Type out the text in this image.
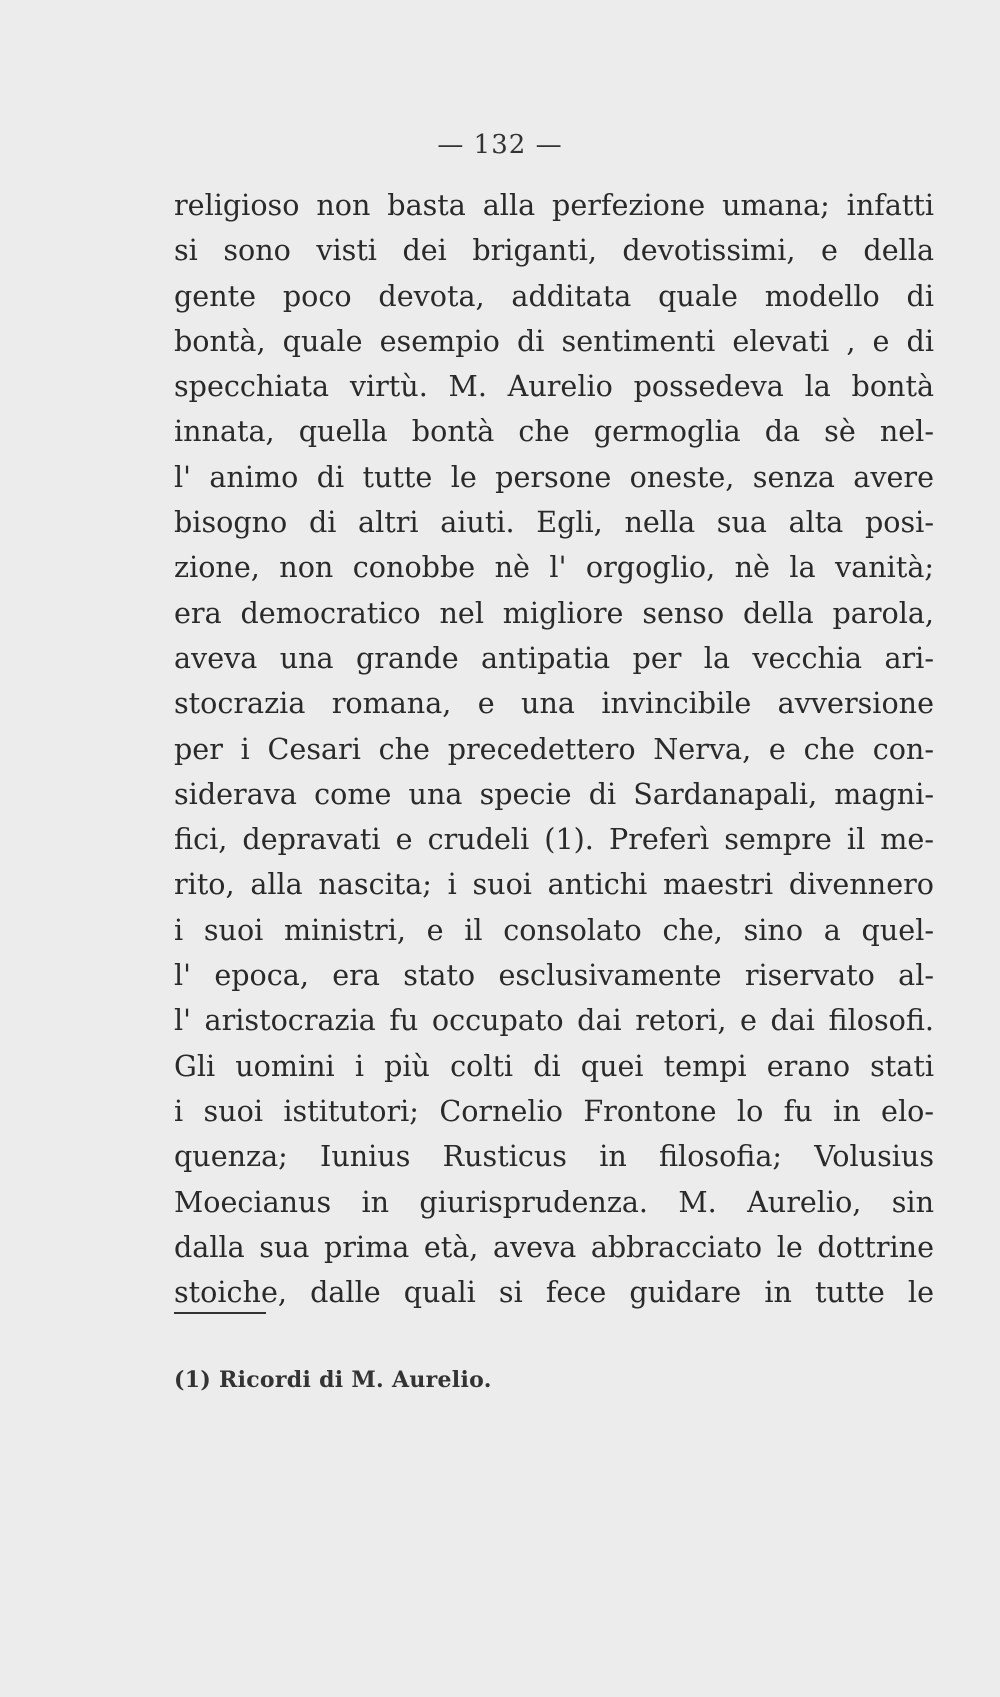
— 132 —
religioso non basta alla perfezione umana; infatti
si sono visti dei briganti, devotissimi, e della
gente poco devota, additata quale modello di
bontà, quale esempio di sentimenti elevati , e di
specchiata virtù. M. Aurelio possedeva la bontà
innata, quella bontà che germoglia da sè nel-
l' animo di tutte le persone oneste, senza avere
bisogno di altri aiuti. Egli, nella sua alta posi-
zione, non conobbe nè l' orgoglio, nè la vanità;
era democratico nel migliore senso della parola,
aveva una grande antipatia per la vecchia ari-
stocrazia romana, e una invincibile avversione
per i Cesari che precedettero Nerva, e che con-
siderava come una specie di Sardanapali, magni-
fici, depravati e crudeli (1). Preferì sempre il me-
rito, alla nascita; i suoi antichi maestri divennero
i suoi ministri, e il consolato che, sino a quel-
l' epoca, era stato esclusivamente riservato al-
l' aristocrazia fu occupato dai retori, e dai filosofi.
Gli uomini i più colti di quei tempi erano stati
i suoi istitutori; Cornelio Frontone lo fu in elo-
quenza; Iunius Rusticus in filosofia; Volusius
Moecianus in giurisprudenza. M. Aurelio, sin
dalla sua prima età, aveva abbracciato le dottrine
stoiche, dalle quali si fece guidare in tutte le
(1) Ricordi di M. Aurelio.
